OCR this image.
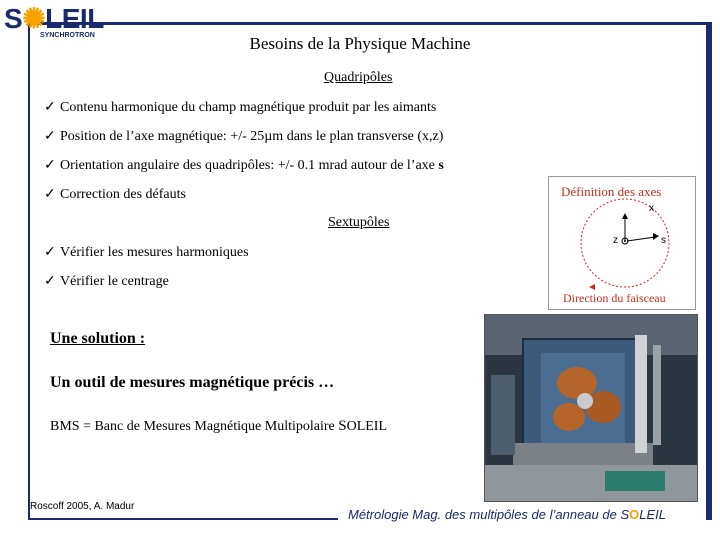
S✺LEIL
SYNCHROTRON	Besoins de la Physique Machine
Quadripôles
✓ Contenu harmonique du champ magnétique produit par les aimants
✓ Position de l’axe magnétique: +/- 25µm dans le plan transverse (x,z)
✓ Orientation angulaire des quadripôles: +/- 0.1 mrad autour de l’axe s
✓ Correction des défauts
Sextupôles
✓ Vérifier les mesures harmoniques
✓ Vérifier le centrage
Définition des axes
x
z	s
Direction du faisceau
Une solution :
Un outil de mesures magnétique précis …
BMS = Banc de Mesures Magnétique Multipolaire SOLEIL
Roscoff 2005, A. Madur
Métrologie Mag. des multipôles de l’anneau de SOLEIL
